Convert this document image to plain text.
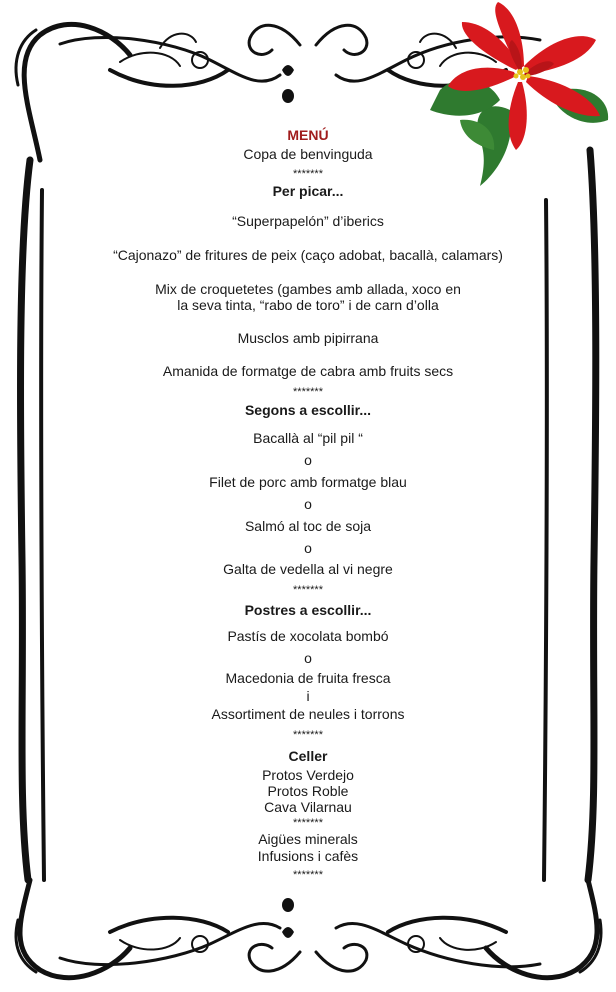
MENÚ
Copa de benvinguda
*******
Per picar...
“Superpapelón” d’iberics
“Cajonazo” de fritures de peix (caço adobat, bacallà, calamars)
Mix de croquetetes (gambes amb allada, xoco en la seva tinta, “rabo de toro” i de carn d’olla
Musclos amb pipirrana
Amanida de formatge de cabra amb fruits secs
*******
Segons a escollir...
Bacallà al “pil pil “
o
Filet de porc amb formatge blau
o
Salmó al toc de soja
o
Galta de vedella al vi negre
*******
Postres a escollir...
Pastís de xocolata bombó
o
Macedonia de fruita fresca
i
Assortiment de neules i torrons
*******
Celler
Protos Verdejo
Protos Roble
Cava Vilarnau
*******
Aigües minerals
Infusions i cafès
*******
